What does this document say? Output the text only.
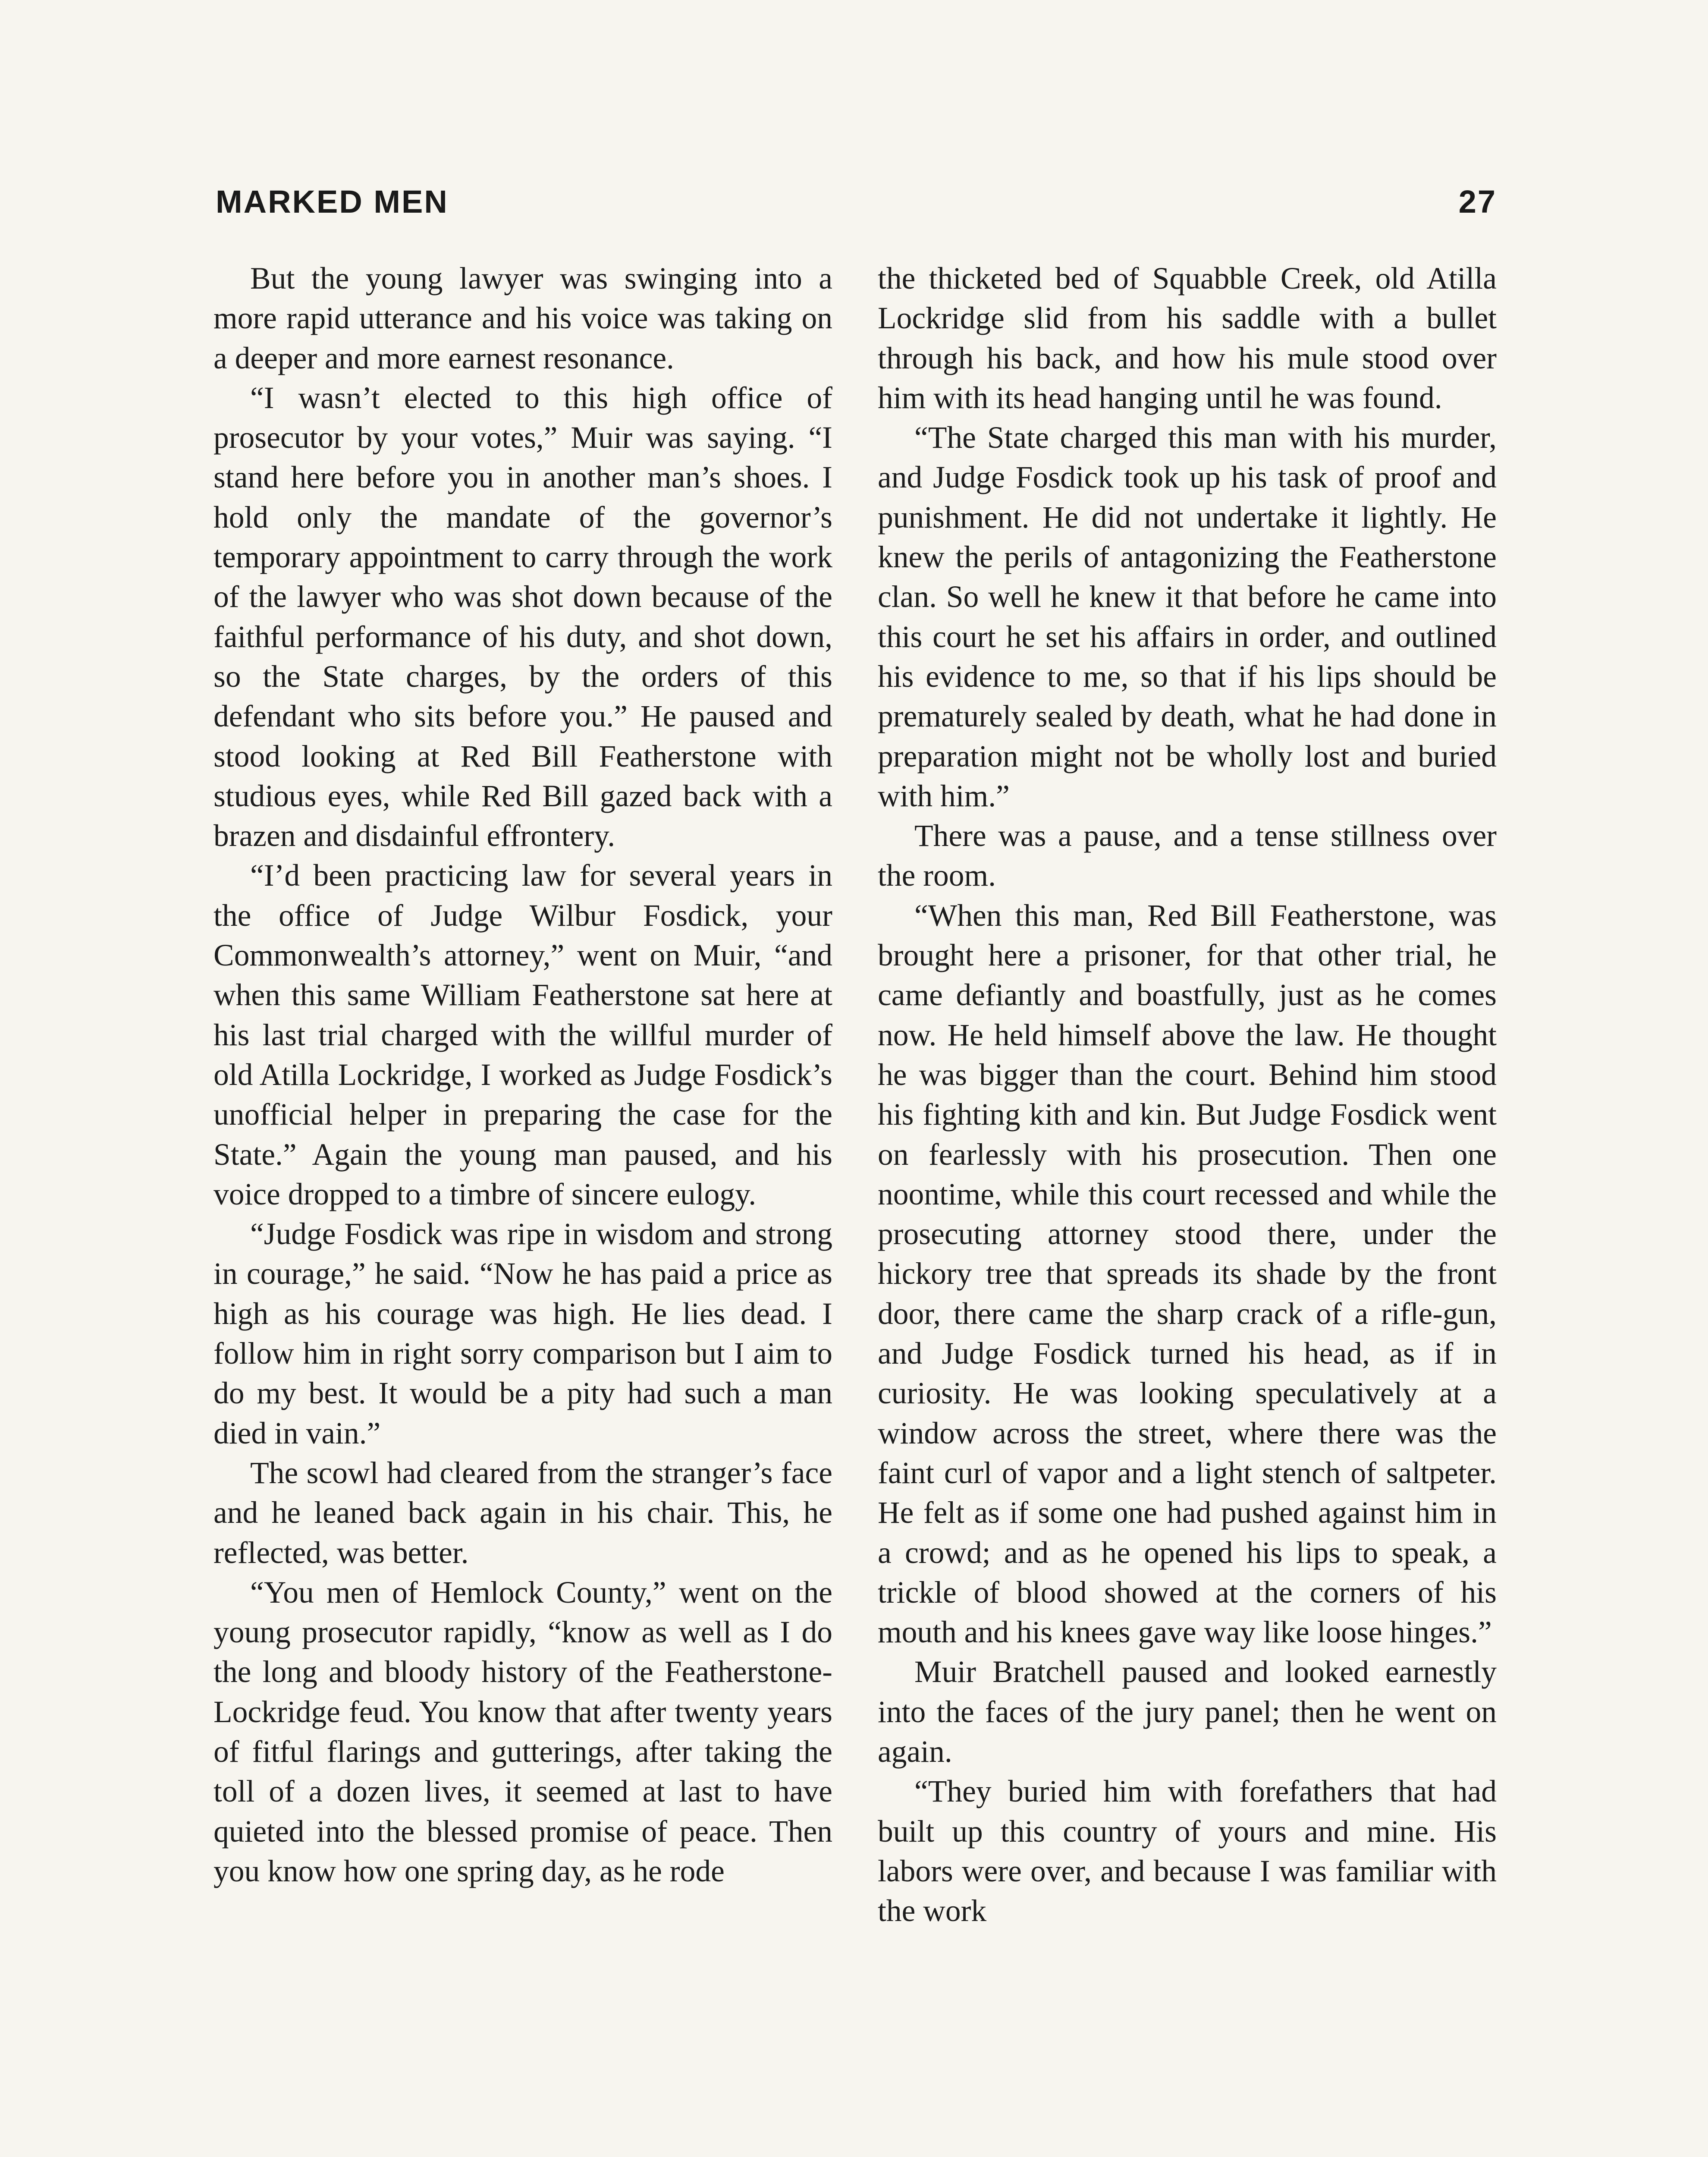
MARKED MEN	27

But the young lawyer was swinging into a more rapid utterance and his voice was taking on a deeper and more earnest resonance.

“I wasn’t elected to this high office of prosecutor by your votes,” Muir was saying. “I stand here before you in another man’s shoes. I hold only the mandate of the governor’s temporary appointment to carry through the work of the lawyer who was shot down because of the faithful performance of his duty, and shot down, so the State charges, by the orders of this defendant who sits before you.” He paused and stood looking at Red Bill Featherstone with studious eyes, while Red Bill gazed back with a brazen and disdainful effrontery.

“I’d been practicing law for several years in the office of Judge Wilbur Fosdick, your Commonwealth’s attorney,” went on Muir, “and when this same William Featherstone sat here at his last trial charged with the willful murder of old Atilla Lockridge, I worked as Judge Fosdick’s unofficial helper in preparing the case for the State.” Again the young man paused, and his voice dropped to a timbre of sincere eulogy.

“Judge Fosdick was ripe in wisdom and strong in courage,” he said. “Now he has paid a price as high as his courage was high. He lies dead. I follow him in right sorry comparison but I aim to do my best. It would be a pity had such a man died in vain.”

The scowl had cleared from the stranger’s face and he leaned back again in his chair. This, he reflected, was better.

“You men of Hemlock County,” went on the young prosecutor rapidly, “know as well as I do the long and bloody history of the Featherstone-Lockridge feud. You know that after twenty years of fitful flarings and gutterings, after taking the toll of a dozen lives, it seemed at last to have quieted into the blessed promise of peace. Then you know how one spring day, as he rode

the thicketed bed of Squabble Creek, old Atilla Lockridge slid from his saddle with a bullet through his back, and how his mule stood over him with its head hanging until he was found.

“The State charged this man with his murder, and Judge Fosdick took up his task of proof and punishment. He did not undertake it lightly. He knew the perils of antagonizing the Featherstone clan. So well he knew it that before he came into this court he set his affairs in order, and outlined his evidence to me, so that if his lips should be prematurely sealed by death, what he had done in preparation might not be wholly lost and buried with him.”

There was a pause, and a tense stillness over the room.

“When this man, Red Bill Featherstone, was brought here a prisoner, for that other trial, he came defiantly and boastfully, just as he comes now. He held himself above the law. He thought he was bigger than the court. Behind him stood his fighting kith and kin. But Judge Fosdick went on fearlessly with his prosecution. Then one noontime, while this court recessed and while the prosecuting attorney stood there, under the hickory tree that spreads its shade by the front door, there came the sharp crack of a rifle-gun, and Judge Fosdick turned his head, as if in curiosity. He was looking speculatively at a window across the street, where there was the faint curl of vapor and a light stench of saltpeter. He felt as if some one had pushed against him in a crowd; and as he opened his lips to speak, a trickle of blood showed at the corners of his mouth and his knees gave way like loose hinges.”

Muir Bratchell paused and looked earnestly into the faces of the jury panel; then he went on again.

“They buried him with forefathers that had built up this country of yours and mine. His labors were over, and because I was familiar with the work
